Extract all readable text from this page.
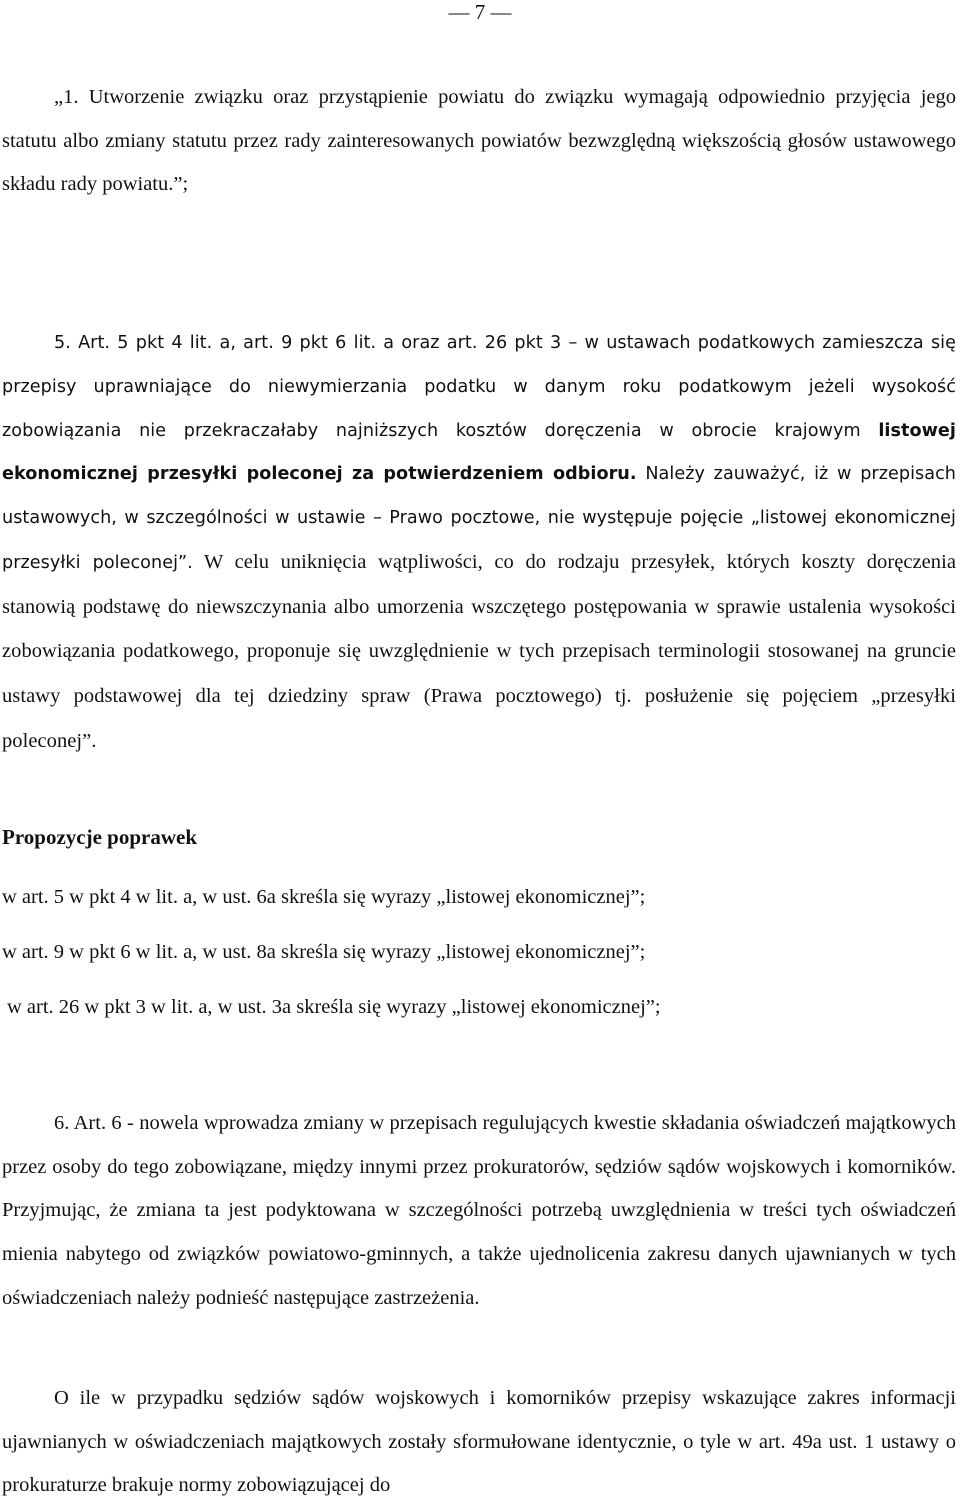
— 7 —

„1. Utworzenie związku oraz przystąpienie powiatu do związku wymagają odpowiednio przyjęcia jego statutu albo zmiany statutu przez rady zainteresowanych powiatów bezwzględną większością głosów ustawowego składu rady powiatu.”;

5. Art. 5 pkt 4 lit. a, art. 9 pkt 6 lit. a oraz art. 26 pkt 3 – w ustawach podatkowych zamieszcza się przepisy uprawniające do niewymierzania podatku w danym roku podatkowym jeżeli wysokość zobowiązania nie przekraczałaby najniższych kosztów doręczenia w obrocie krajowym listowej ekonomicznej przesyłki poleconej za potwierdzeniem odbioru. Należy zauważyć, iż w przepisach ustawowych, w szczególności w ustawie – Prawo pocztowe, nie występuje pojęcie „listowej ekonomicznej przesyłki poleconej”. W celu uniknięcia wątpliwości, co do rodzaju przesyłek, których koszty doręczenia stanowią podstawę do niewszczynania albo umorzenia wszczętego postępowania w sprawie ustalenia wysokości zobowiązania podatkowego, proponuje się uwzględnienie w tych przepisach terminologii stosowanej na gruncie ustawy podstawowej dla tej dziedziny spraw (Prawa pocztowego) tj. posłużenie się pojęciem „przesyłki poleconej”.

Propozycje poprawek
w art. 5 w pkt 4 w lit. a, w ust. 6a skreśla się wyrazy „listowej ekonomicznej”;
w art. 9 w pkt 6 w lit. a, w ust. 8a skreśla się wyrazy „listowej ekonomicznej”;
w art. 26 w pkt 3 w lit. a, w ust. 3a skreśla się wyrazy „listowej ekonomicznej”;

6. Art. 6 - nowela wprowadza zmiany w przepisach regulujących kwestie składania oświadczeń majątkowych przez osoby do tego zobowiązane, między innymi przez prokuratorów, sędziów sądów wojskowych i komorników. Przyjmując, że zmiana ta jest podyktowana w szczególności potrzebą uwzględnienia w treści tych oświadczeń mienia nabytego od związków powiatowo-gminnych, a także ujednolicenia zakresu danych ujawnianych w tych oświadczeniach należy podnieść następujące zastrzeżenia.

O ile w przypadku sędziów sądów wojskowych i komorników przepisy wskazujące zakres informacji ujawnianych w oświadczeniach majątkowych zostały sformułowane identycznie, o tyle w art. 49a ust. 1 ustawy o prokuraturze brakuje normy zobowiązującej do
